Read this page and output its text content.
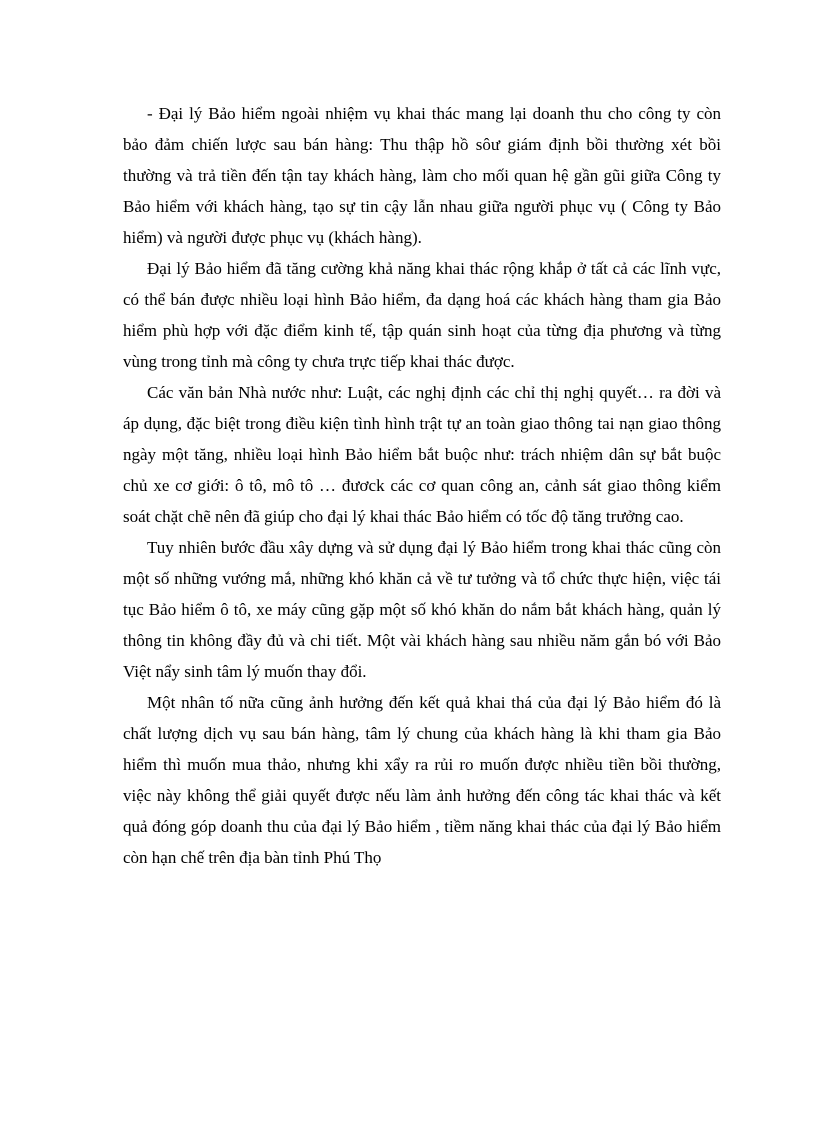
- Đại lý Bảo hiểm ngoài nhiệm vụ khai thác mang lại doanh thu cho công ty còn bảo đảm chiến lược sau bán hàng: Thu thập hồ sôư giám định bồi thường xét bồi thường và trả tiền đến tận tay khách hàng, làm cho mối quan hệ gần gũi giữa Công ty Bảo hiểm với khách hàng, tạo sự tin cậy lẫn nhau giữa người phục vụ ( Công ty Bảo hiểm) và người được phục vụ (khách hàng).

Đại lý Bảo hiểm đã tăng cường khả năng khai thác rộng khắp ở tất cả các lĩnh vực, có thể bán được nhiều loại hình Bảo hiểm, đa dạng hoá các khách hàng tham gia Bảo hiểm phù hợp với đặc điểm kinh tế, tập quán sinh hoạt của từng địa phương và từng vùng trong tỉnh mà công ty chưa trực tiếp khai thác được.

Các văn bản Nhà nước như: Luật, các nghị định các chỉ thị nghị quyết… ra đời và áp dụng, đặc biệt trong điều kiện tình hình trật tự an toàn giao thông tai nạn giao thông ngày một tăng, nhiều loại hình Bảo hiểm bắt buộc như: trách nhiệm dân sự bắt buộc chủ xe cơ giới: ô tô, mô tô … đươck các cơ quan công an, cảnh sát giao thông kiểm soát chặt chẽ nên đã giúp cho đại lý khai thác Bảo hiểm có tốc độ tăng trưởng cao.

Tuy nhiên bước đầu xây dựng và sử dụng đại lý Bảo hiểm trong khai thác cũng còn một số những vướng mắ, những khó khăn cả về tư tưởng và tổ chức thực hiện, việc tái tục Bảo hiểm ô tô, xe máy cũng gặp một số khó khăn do nắm bắt khách hàng, quản lý thông tin không đầy đủ và chi tiết. Một vài khách hàng sau nhiều năm gắn bó với Bảo Việt nẩy sinh tâm lý muốn thay đổi.

Một nhân tố nữa cũng ảnh hưởng đến kết quả khai thá của đại lý Bảo hiểm đó là chất lượng dịch vụ sau bán hàng, tâm lý chung của khách hàng là khi tham gia Bảo hiểm thì muốn mua thảo, nhưng khi xẩy ra rủi ro muốn được nhiều tiền bồi thường, việc này không thể giải quyết được nếu làm ảnh hưởng đến công tác khai thác và kết quả đóng góp doanh thu của đại lý Bảo hiểm , tiềm năng khai thác của đại lý Bảo hiểm còn hạn chế trên địa bàn tỉnh Phú Thọ
